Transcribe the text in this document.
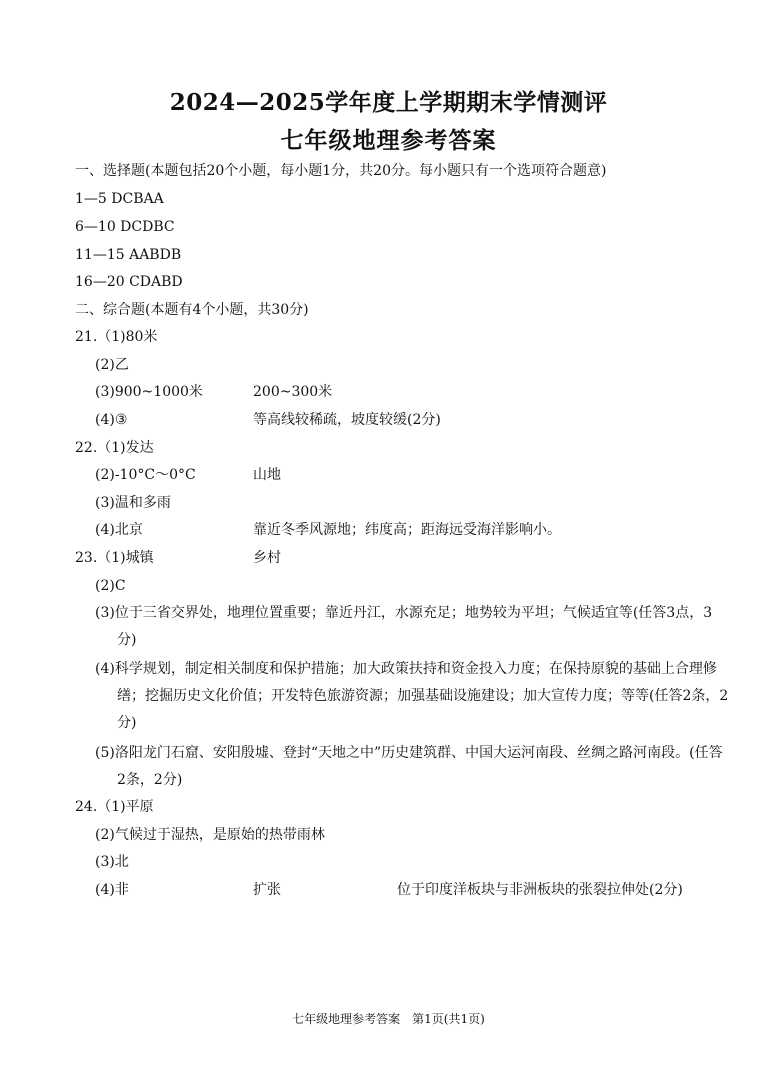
2024—2025学年度上学期期末学情测评
七年级地理参考答案
一、选择题(本题包括20个小题，每小题1分，共20分。每小题只有一个选项符合题意)
1—5 DCBAA
6—10 DCDBC
11—15 AABDB
16—20 CDABD
二、综合题(本题有4个小题，共30分)
21.（1)80米
(2)乙
(3)900~1000米	200~300米
(4)③	等高线较稀疏，坡度较缓(2分)
22.（1)发达
(2)-10°C～0°C	山地
(3)温和多雨
(4)北京	靠近冬季风源地；纬度高；距海远受海洋影响小。
23.（1)城镇	乡村
(2)C
(3)位于三省交界处，地理位置重要；靠近丹江，水源充足；地势较为平坦；气候适宜等(任答3点，3分)
(4)科学规划，制定相关制度和保护措施；加大政策扶持和资金投入力度；在保持原貌的基础上合理修缮；挖掘历史文化价值；开发特色旅游资源；加强基础设施建设；加大宣传力度；等等(任答2条，2分)
(5)洛阳龙门石窟、安阳殷墟、登封“天地之中”历史建筑群、中国大运河南段、丝绸之路河南段。(任答2条，2分)
24.（1)平原
(2)气候过于湿热，是原始的热带雨林
(3)北
(4)非	扩张	位于印度洋板块与非洲板块的张裂拉伸处(2分)
七年级地理参考答案　第1页(共1页)
